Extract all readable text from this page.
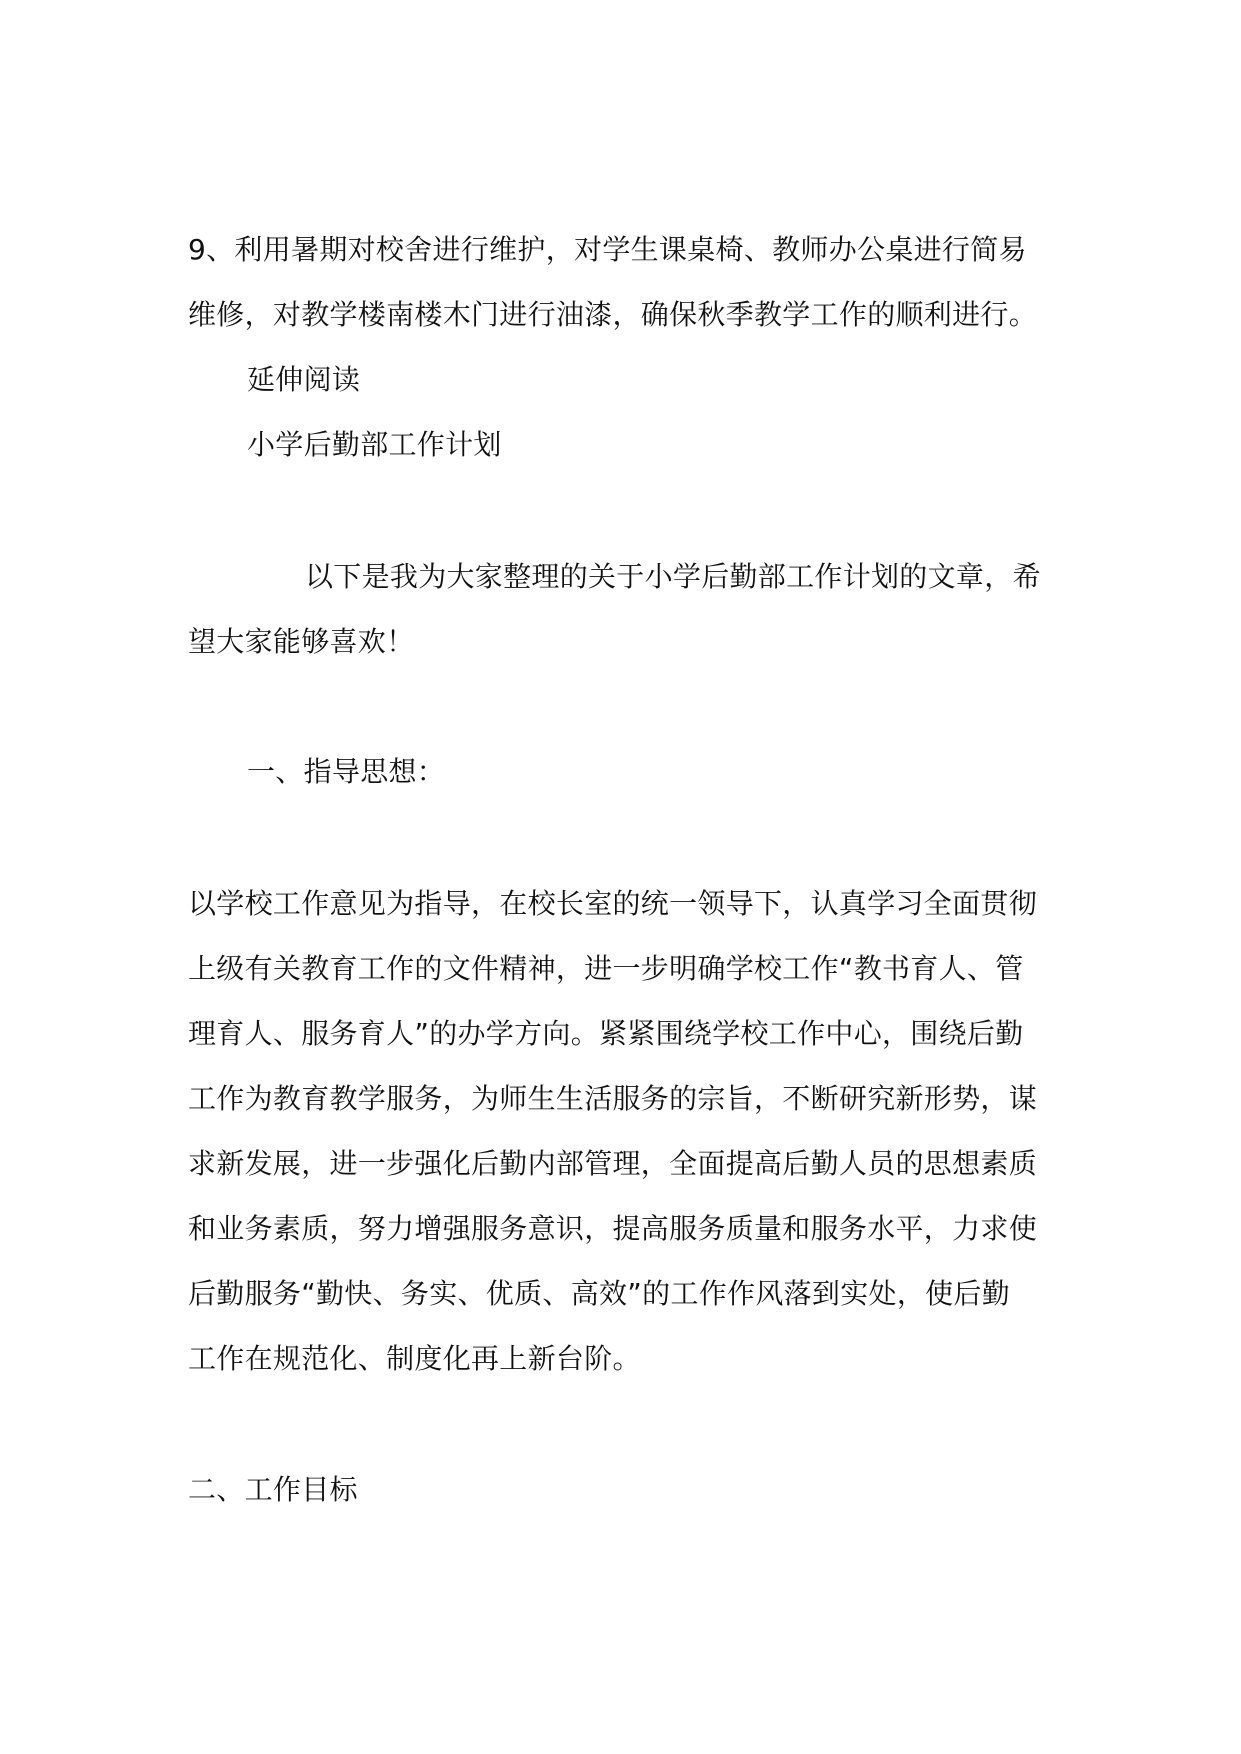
9、利用暑期对校舍进行维护，对学生课桌椅、教师办公桌进行简易
维修，对教学楼南楼木门进行油漆，确保秋季教学工作的顺利进行。
延伸阅读
小学后勤部工作计划
以下是我为大家整理的关于小学后勤部工作计划的文章，希
望大家能够喜欢！
一、指导思想：
以学校工作意见为指导，在校长室的统一领导下，认真学习全面贯彻
上级有关教育工作的文件精神，进一步明确学校工作“教书育人、管
理育人、服务育人”的办学方向。紧紧围绕学校工作中心，围绕后勤
工作为教育教学服务，为师生生活服务的宗旨，不断研究新形势，谋
求新发展，进一步强化后勤内部管理，全面提高后勤人员的思想素质
和业务素质，努力增强服务意识，提高服务质量和服务水平，力求使
后勤服务“勤快、务实、优质、高效”的工作作风落到实处，使后勤
工作在规范化、制度化再上新台阶。
二、工作目标
